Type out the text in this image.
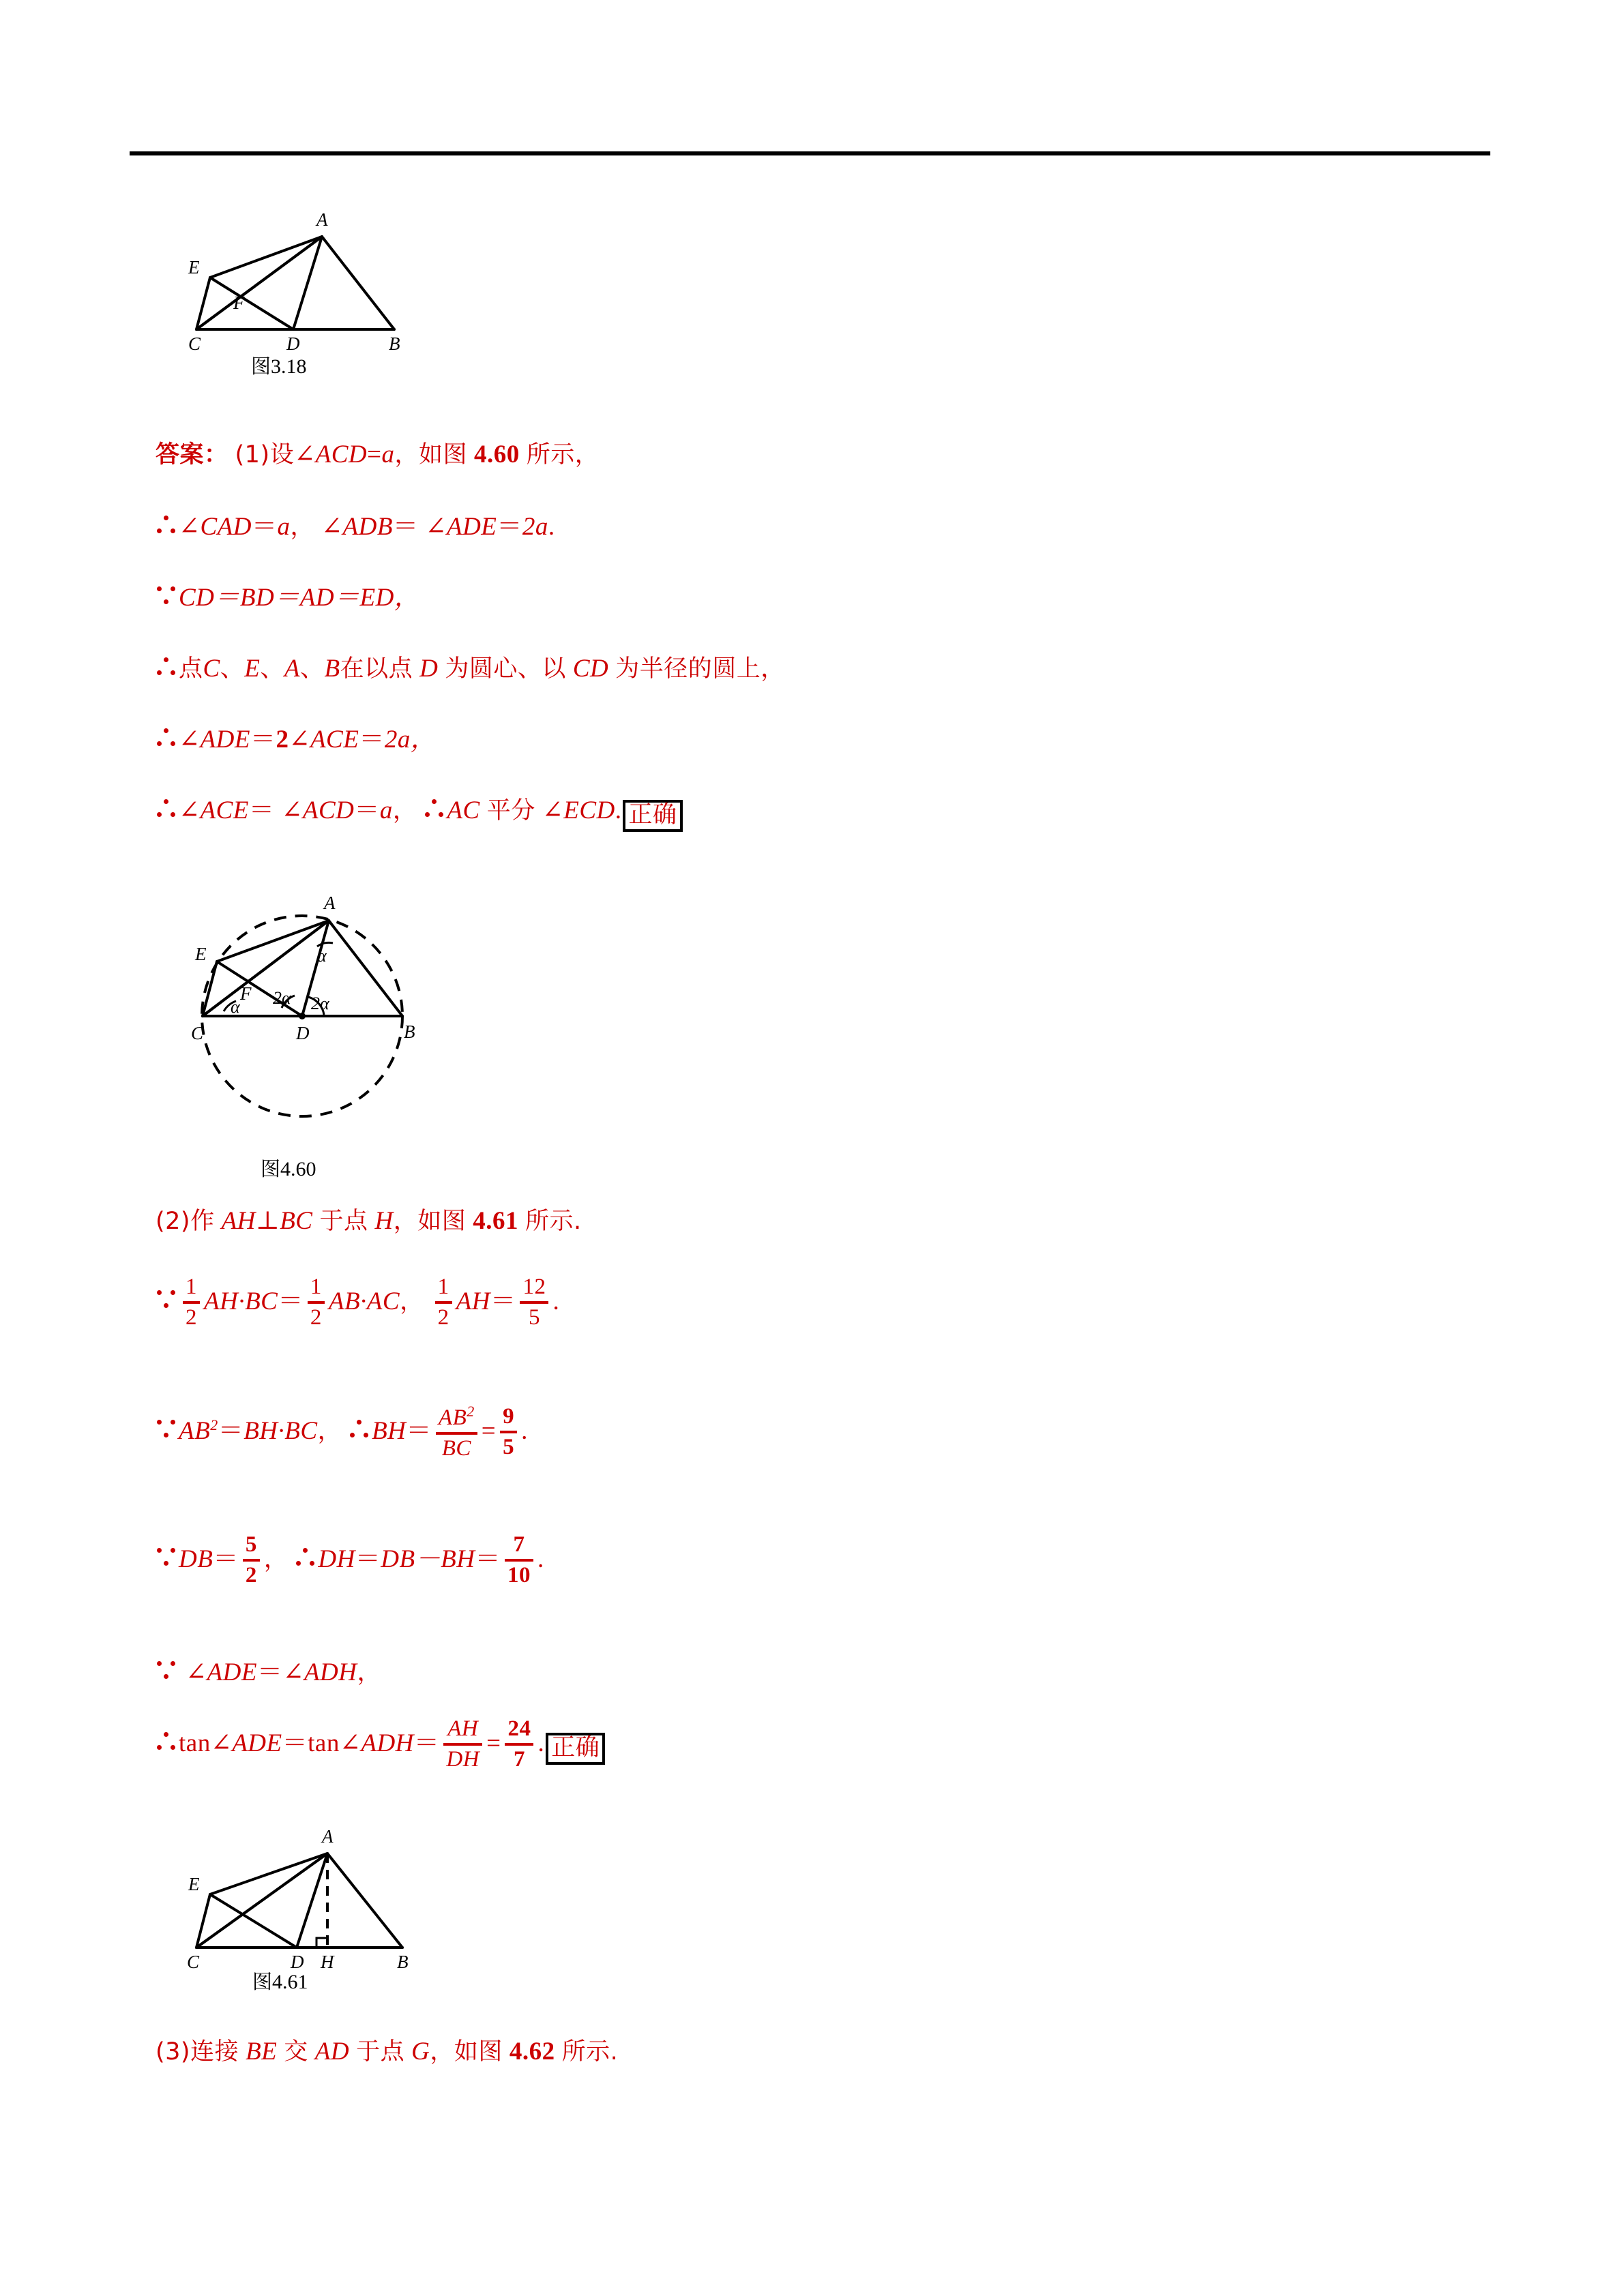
A
E
F
C	D	B
图3.18
答案： (1)设∠ACD=a，如图 4.60 所示，
∠CAD＝a， ∠ADB＝ ∠ADE＝2a.
CD＝BD＝AD＝ED，
点C、E、A、B在以点 D 为圆心、以 CD 为半径的圆上，
∠ADE＝2∠ACE＝2a，
∠ACE＝ ∠ACD＝a， AC 平分 ∠ECD. 正确
A
E
F
C	D	B
α
α 2α 2α
图4.60
(2)作 AH⊥BC 于点 H，如图 4.61 所示.
$\frac{1}{2} AH\cdot BC= \frac{1}{2} AB\cdot AC$， $\frac{1}{2} AH= \frac{12}{5}$ .
$AB^2=BH\cdot BC$， $BH= \frac{AB^2}{BC} = \frac{9}{5}$ .
$DB= \frac{5}{2}$ ， $DH=DB-BH= \frac{7}{10}$ .
∠ADE＝∠ADH，
tan∠ADE＝tan∠ADH＝ $\frac{AH}{DH} = \frac{24}{7}$ . 正确
A
E
C	D H	B
图4.61
(3)连接 BE 交 AD 于点 G，如图 4.62 所示.
